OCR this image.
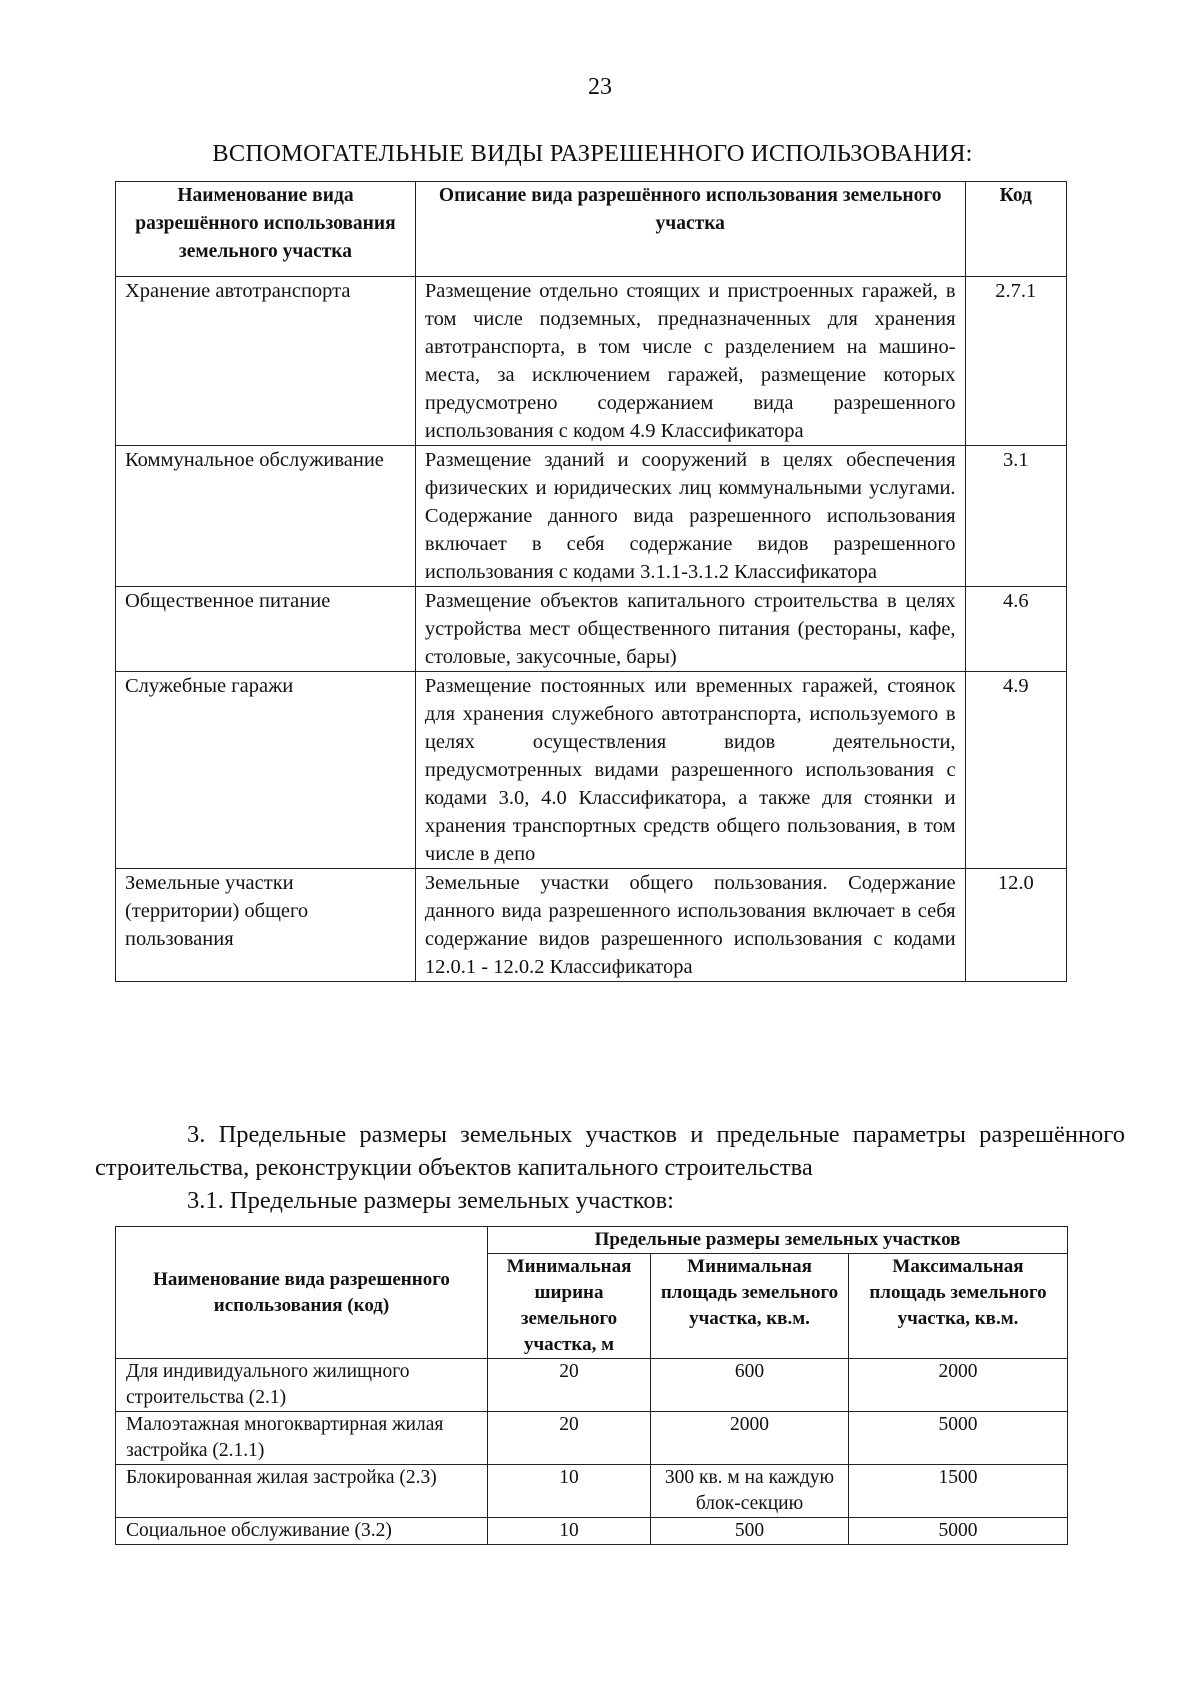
23
ВСПОМОГАТЕЛЬНЫЕ ВИДЫ РАЗРЕШЕННОГО ИСПОЛЬЗОВАНИЯ:
Наименование вида разрешённого использования земельного участка	Описание вида разрешённого использования земельного участка	Код
Хранение автотранспорта	Размещение отдельно стоящих и пристроенных гаражей, в том числе подземных, предназначенных для хранения автотранспорта, в том числе с разделением на машино-места, за исключением гаражей, размещение которых предусмотрено содержанием вида разрешенного использования с кодом 4.9 Классификатора	2.7.1
Коммунальное обслуживание	Размещение зданий и сооружений в целях обеспечения физических и юридических лиц коммунальными услугами. Содержание данного вида разрешенного использования включает в себя содержание видов разрешенного использования с кодами 3.1.1-3.1.2 Классификатора	3.1
Общественное питание	Размещение объектов капитального строительства в целях устройства мест общественного питания (рестораны, кафе, столовые, закусочные, бары)	4.6
Служебные гаражи	Размещение постоянных или временных гаражей, стоянок для хранения служебного автотранспорта, используемого в целях осуществления видов деятельности, предусмотренных видами разрешенного использования с кодами 3.0, 4.0 Классификатора, а также для стоянки и хранения транспортных средств общего пользования, в том числе в депо	4.9
Земельные участки (территории) общего пользования	Земельные участки общего пользования. Содержание данного вида разрешенного использования включает в себя содержание видов разрешенного использования с кодами 12.0.1 - 12.0.2 Классификатора	12.0
3. Предельные размеры земельных участков и предельные параметры разрешённого строительства, реконструкции объектов капитального строительства
3.1. Предельные размеры земельных участков:
Наименование вида разрешенного использования (код)	Предельные размеры земельных участков		
	Минимальная ширина земельного участка, м	Минимальная площадь земельного участка, кв.м.	Максимальная площадь земельного участка, кв.м.
Для индивидуального жилищного строительства (2.1)	20	600	2000
Малоэтажная многоквартирная жилая застройка (2.1.1)	20	2000	5000
Блокированная жилая застройка (2.3)	10	300 кв. м на каждую блок-секцию	1500
Социальное обслуживание (3.2)	10	500	5000
